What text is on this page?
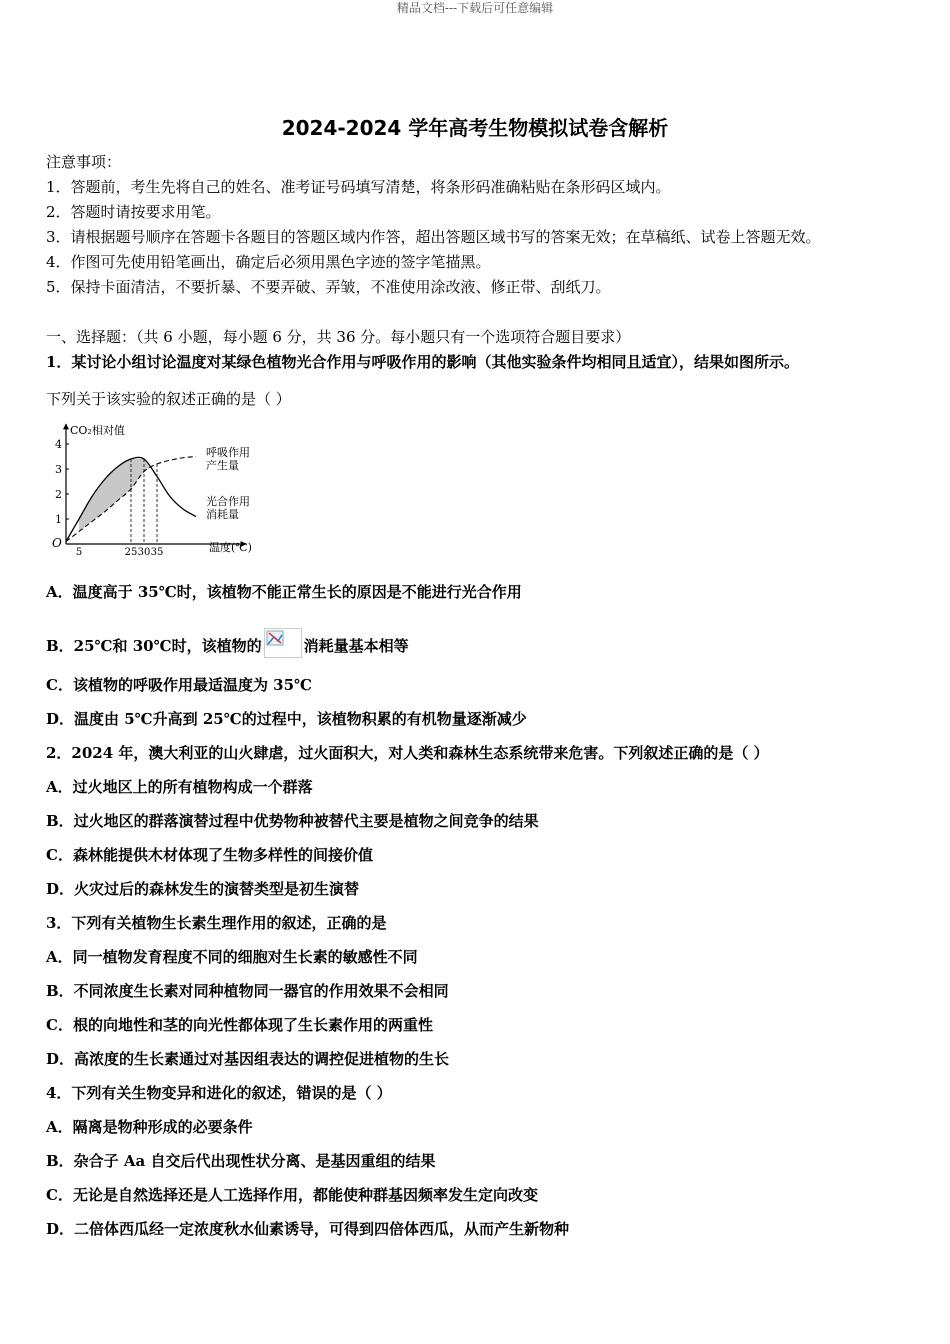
精品文档---下载后可任意编辑
2024-2024 学年高考生物模拟试卷含解析
注意事项：
1．答题前，考生先将自己的姓名、准考证号码填写清楚，将条形码准确粘贴在条形码区域内。
2．答题时请按要求用笔。
3．请根据题号顺序在答题卡各题目的答题区域内作答，超出答题区域书写的答案无效；在草稿纸、试卷上答题无效。
4．作图可先使用铅笔画出，确定后必须用黑色字迹的签字笔描黑。
5．保持卡面清洁，不要折暴、不要弄破、弄皱，不准使用涂改液、修正带、刮纸刀。
一、选择题：（共 6 小题，每小题 6 分，共 36 分。每小题只有一个选项符合题目要求）
1．某讨论小组讨论温度对某绿色植物光合作用与呼吸作用的影响（其他实验条件均相同且适宜），结果如图所示。
下列关于该实验的叙述正确的是（ ）
5	25 30 35
1
2
3
4
CO₂相对值
温度(℃)
O
呼吸作用
产生量
光合作用
消耗量
A．温度高于 35℃时，该植物不能正常生长的原因是不能进行光合作用
B．25℃和 30℃时，该植物的	消耗量基本相等
C．该植物的呼吸作用最适温度为 35℃
D．温度由 5℃升高到 25℃的过程中，该植物积累的有机物量逐渐减少
2．2024 年，澳大利亚的山火肆虐，过火面积大，对人类和森林生态系统带来危害。下列叙述正确的是（ ）
A．过火地区上的所有植物构成一个群落
B．过火地区的群落演替过程中优势物种被替代主要是植物之间竞争的结果
C．森林能提供木材体现了生物多样性的间接价值
D．火灾过后的森林发生的演替类型是初生演替
3．下列有关植物生长素生理作用的叙述，正确的是
A．同一植物发育程度不同的细胞对生长素的敏感性不同
B．不同浓度生长素对同种植物同一器官的作用效果不会相同
C．根的向地性和茎的向光性都体现了生长素作用的两重性
D．高浓度的生长素通过对基因组表达的调控促进植物的生长
4．下列有关生物变异和进化的叙述，错误的是（ ）
A．隔离是物种形成的必要条件
B．杂合子 Aa 自交后代出现性状分离、是基因重组的结果
C．无论是自然选择还是人工选择作用，都能使种群基因频率发生定向改变
D．二倍体西瓜经一定浓度秋水仙素诱导，可得到四倍体西瓜，从而产生新物种
